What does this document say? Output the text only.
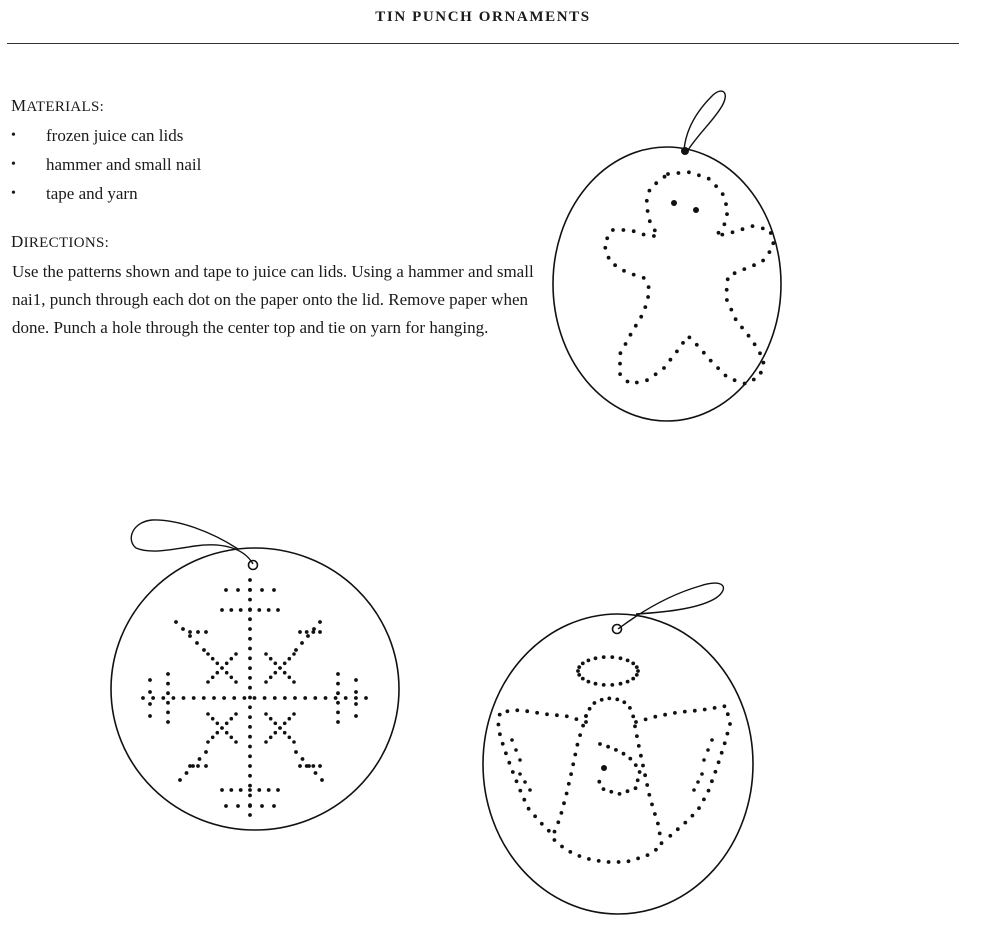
TIN PUNCH ORNAMENTS
MATERIALS:
• frozen juice can lids
• hammer and small nail
• tape and yarn
DIRECTIONS:
Use the patterns shown and tape to juice can lids. Using a hammer and small nai1, punch through each dot on the paper onto the lid. Remove paper when done. Punch a hole through the center top and tie on yarn for hanging.
